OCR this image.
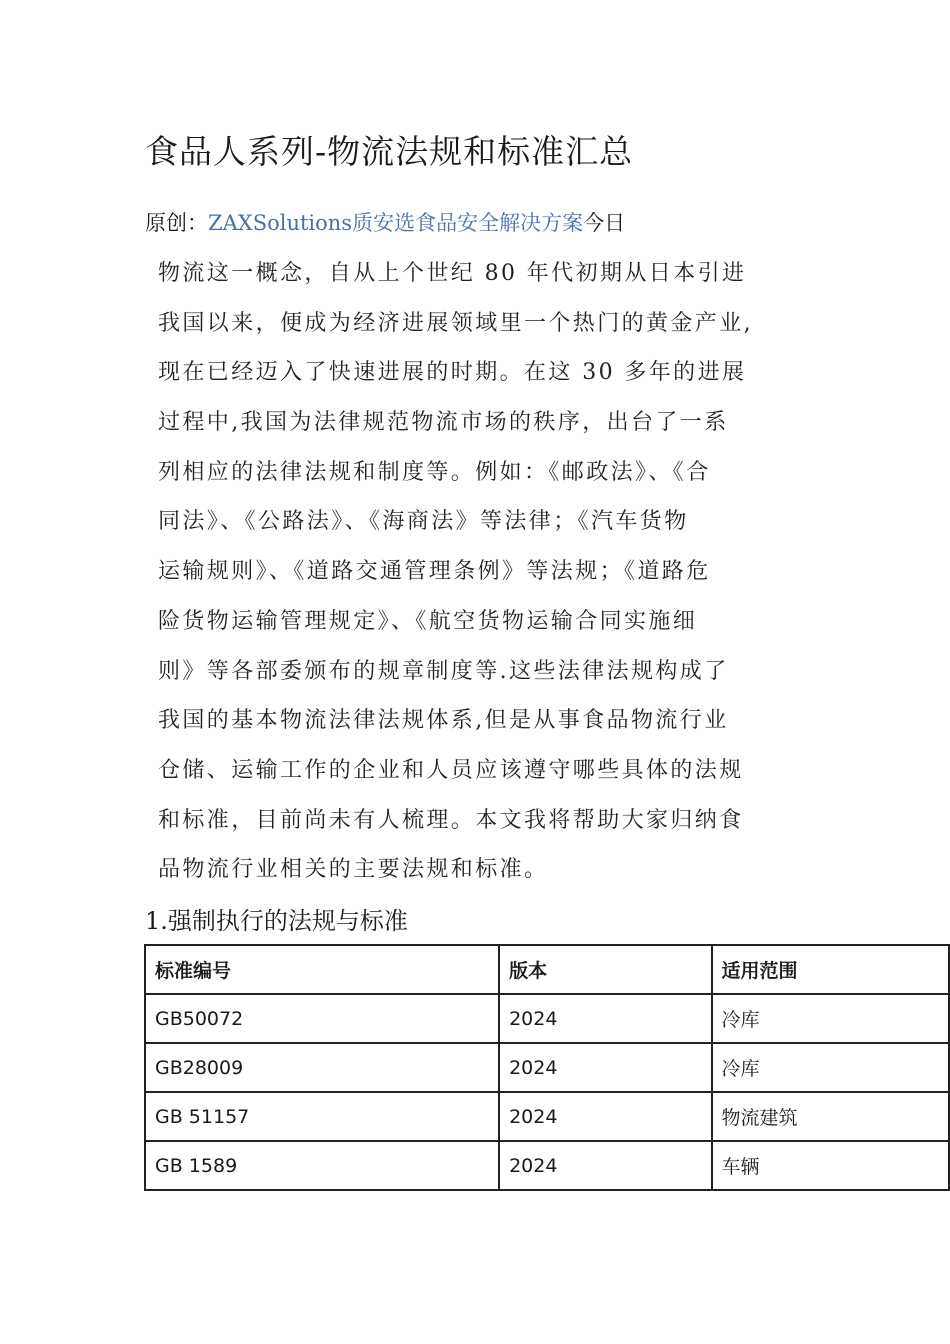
食品人系列-物流法规和标准汇总
原创：ZAXSolutions质安选食品安全解决方案今日
物流这一概念，自从上个世纪 80 年代初期从日本引进
我国以来，便成为经济进展领域里一个热门的黄金产业,
现在已经迈入了快速进展的时期。在这 30 多年的进展
过程中,我国为法律规范物流市场的秩序，出台了一系
列相应的法律法规和制度等。例如：《邮政法》、《合
同法》、《公路法》、《海商法》等法律；《汽车货物
运输规则》、《道路交通管理条例》等法规；《道路危
险货物运输管理规定》、《航空货物运输合同实施细
则》等各部委颁布的规章制度等.这些法律法规构成了
我国的基本物流法律法规体系,但是从事食品物流行业
仓储、运输工作的企业和人员应该遵守哪些具体的法规
和标准，目前尚未有人梳理。本文我将帮助大家归纳食
品物流行业相关的主要法规和标准。
1.强制执行的法规与标准
标准编号	版本	适用范围
GB50072	2024	冷库
GB28009	2024	冷库
GB 51157	2024	物流建筑
GB 1589	2024	车辆
